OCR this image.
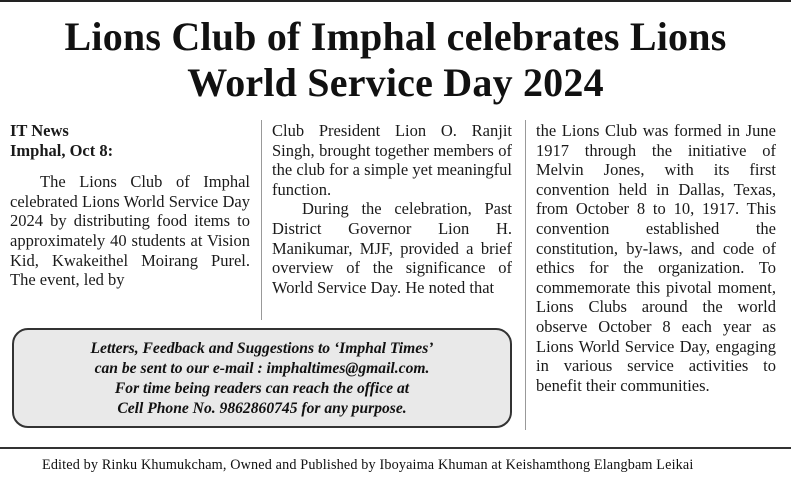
Lions Club of Imphal celebrates Lions
World Service Day 2024
IT News
Imphal, Oct 8:

The Lions Club of Imphal celebrated Lions World Service Day 2024 by distributing food items to approximately 40 students at Vision Kid, Kwakeithel Moirang Purel. The event, led by

Club President Lion O. Ranjit Singh, brought together members of the club for a simple yet meaningful function.

During the celebration, Past District Governor Lion H. Manikumar, MJF, provided a brief overview of the significance of World Service Day. He noted that

the Lions Club was formed in June 1917 through the initiative of Melvin Jones, with its first convention held in Dallas, Texas, from October 8 to 10, 1917. This convention established the constitution, by-laws, and code of ethics for the organization. To commemorate this pivotal moment, Lions Clubs around the world observe October 8 each year as Lions World Service Day, engaging in various service activities to benefit their communities.

Letters, Feedback and Suggestions to ‘Imphal Times’
can be sent to our e-mail : imphaltimes@gmail.com.
For time being readers can reach the office at
Cell Phone No. 9862860745 for any purpose.
Edited by Rinku Khumukcham, Owned and Published by Iboyaima Khuman at Keishamthong Elangbam Leikai
